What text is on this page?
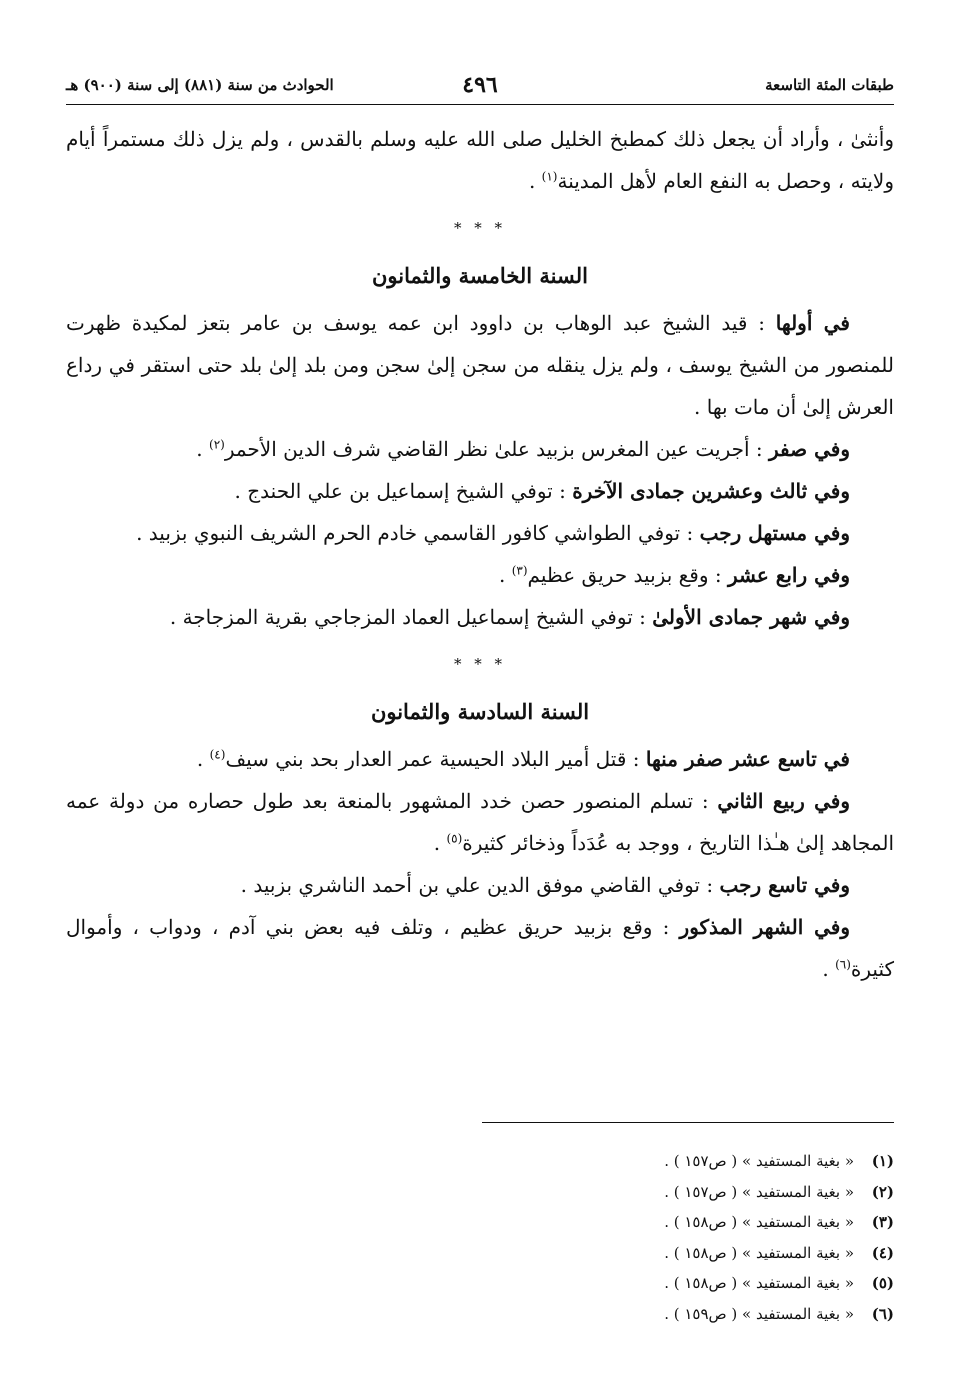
طبقات المئة التاسعة
٤٩٦
الحوادث من سنة (٨٨١) إلى سنة (٩٠٠) هـ

وأنثىٰ ، وأراد أن يجعل ذلك كمطبخ الخليل صلى الله عليه وسلم بالقدس ، ولم يزل ذلك مستمراً أيام ولايته ، وحصل به النفع العام لأهل المدينة$^{(١)}$ .

* * *
السنة الخامسة والثمانون

في أولها : قيد الشيخ عبد الوهاب بن داوود ابن عمه يوسف بن عامر بتعز لمكيدة ظهرت للمنصور من الشيخ يوسف ، ولم يزل ينقله من سجن إلىٰ سجن ومن بلد إلىٰ بلد حتى استقر في رداع العرش إلىٰ أن مات بها .

وفي صفر : أجريت عين المغرس بزبيد علىٰ نظر القاضي شرف الدين الأحمر$^{(٢)}$ .

وفي ثالث وعشرين جمادى الآخرة : توفي الشيخ إسماعيل بن علي الحندج .

وفي مستهل رجب : توفي الطواشي كافور القاسمي خادم الحرم الشريف النبوي بزبيد .

وفي رابع عشر : وقع بزبيد حريق عظيم$^{(٣)}$ .

وفي شهر جمادى الأولىٰ : توفي الشيخ إسماعيل العماد المزجاجي بقرية المزجاجة .

* * *
السنة السادسة والثمانون

في تاسع عشر صفر منها : قتل أمير البلاد الحيسية عمر العدار بحد بني سيف$^{(٤)}$ .

وفي ربيع الثاني : تسلم المنصور حصن خدد المشهور بالمنعة بعد طول حصاره من دولة عمه المجاهد إلىٰ هـٰذا التاريخ ، ووجد به عُدَداً وذخائر كثيرة$^{(٥)}$ .

وفي تاسع رجب : توفي القاضي موفق الدين علي بن أحمد الناشري بزبيد .

وفي الشهر المذكور : وقع بزبيد حريق عظيم ، وتلف فيه بعض بني آدم ، ودواب ، وأموال كثيرة$^{(٦)}$ .

(١)
« بغية المستفيد » ( ص١٥٧ ) .
(٢)
« بغية المستفيد » ( ص١٥٧ ) .
(٣)
« بغية المستفيد » ( ص١٥٨ ) .
(٤)
« بغية المستفيد » ( ص١٥٨ ) .
(٥)
« بغية المستفيد » ( ص١٥٨ ) .
(٦)
« بغية المستفيد » ( ص١٥٩ ) .
